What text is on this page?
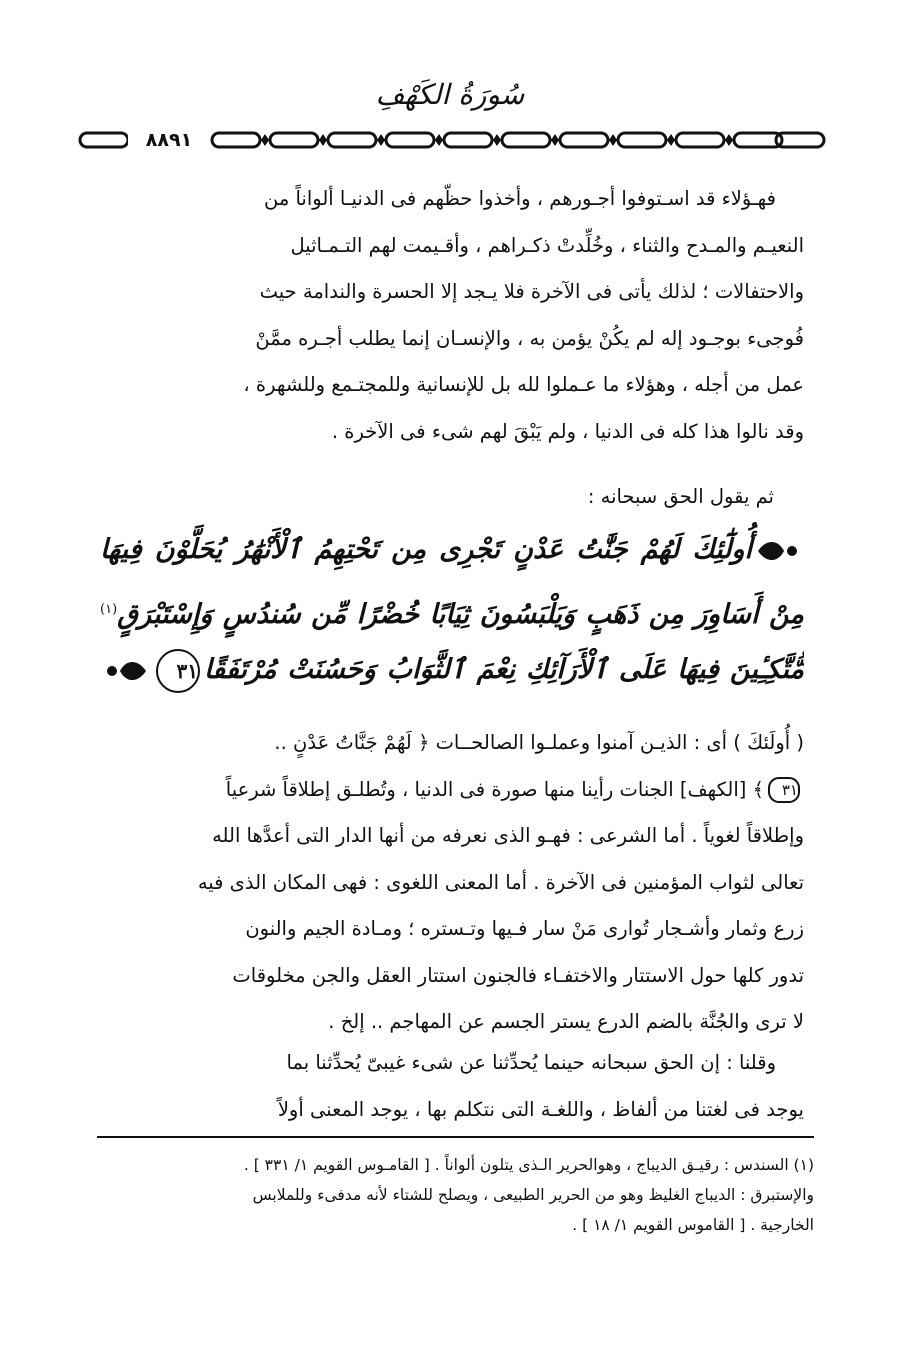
سُورَةُ الكَهْفِ
٨٨٩١
فهـؤلاء قد اسـتوفوا أجـورهم ، وأخذوا حظّهم فى الدنيـا ألواناً من
النعيـم والمـدح والثناء ، وخُلِّدتْ ذكـراهم ، وأقـيمت لهم التـمـاثيل
والاحتفالات ؛ لذلك يأتى فى الآخرة فلا يـجد إلا الحسرة والندامة حيث
فُوجىء بوجـود إله لم يكُنْ يؤمن به ، والإنسـان إنما يطلب أجـره ممَّنْ
عمل من أجله ، وهؤلاء ما عـملوا لله بل للإنسانية وللمجتـمع وللشهرة ،
وقد نالوا هذا كله فى الدنيا ، ولم يَبْقَ لهم شىء فى الآخرة .
ثم يقول الحق سبحانه :
أُولَٰٓئِكَ لَهُمْ جَنَّٰتُ عَدْنٍ تَجْرِى مِن تَحْتِهِمُ ٱلْأَنْهَٰرُ يُحَلَّوْنَ فِيهَا
مِنْ أَسَاوِرَ مِن ذَهَبٍ وَيَلْبَسُونَ ثِيَابًا خُضْرًا مِّن سُندُسٍ وَإِسْتَبْرَقٍ$^{(١)}$
مُّتَّكِـِٔينَ فِيهَا عَلَى ٱلْأَرَآئِكِ نِعْمَ ٱلثَّوَابُ وَحَسُنَتْ مُرْتَفَقًا٣١
( أُولَئكَ ) أى : الذيـن آمنوا وعملـوا الصالحــات ﴿ لَهُمْ جَنَّاتُ عَدْنٍ ..
٣١﴾ [الكهف] الجنات رأينا منها صورة فى الدنيا ، وتُطلـق إطلاقاً شرعياً
وإطلاقاً لغوياً . أما الشرعى : فهـو الذى نعرفه من أنها الدار التى أعدَّها الله
تعالى لثواب المؤمنين فى الآخرة . أما المعنى اللغوى : فهى المكان الذى فيه
زرع وثمار وأشـجار تُوارى مَنْ سار فـيها وتـستره ؛ ومـادة الجيم والنون
تدور كلها حول الاستتار والاختفـاء فالجنون استتار العقل والجن مخلوقات
لا ترى والجُنَّة بالضم الدرع يستر الجسم عن المهاجم .. إلخ .
وقلنا : إن الحق سبحانه حينما يُحدِّثنا عن شىء غيبىّ يُحدِّثنا بما
يوجد فى لغتنا من ألفاظ ، واللغـة التى نتكلم بها ، يوجد المعنى أولاً
(١) السندس : رقيـق الديباج ، وهوالحرير الـذى يتلون ألواناً . [ القامـوس القويم ١/ ٣٣١ ] .
والإستبرق : الديباج الغليظ وهو من الحرير الطبيعى ، ويصلح للشتاء لأنه مدفىء وللملابس
الخارجية . [ القاموس القويم ١/ ١٨ ] .
